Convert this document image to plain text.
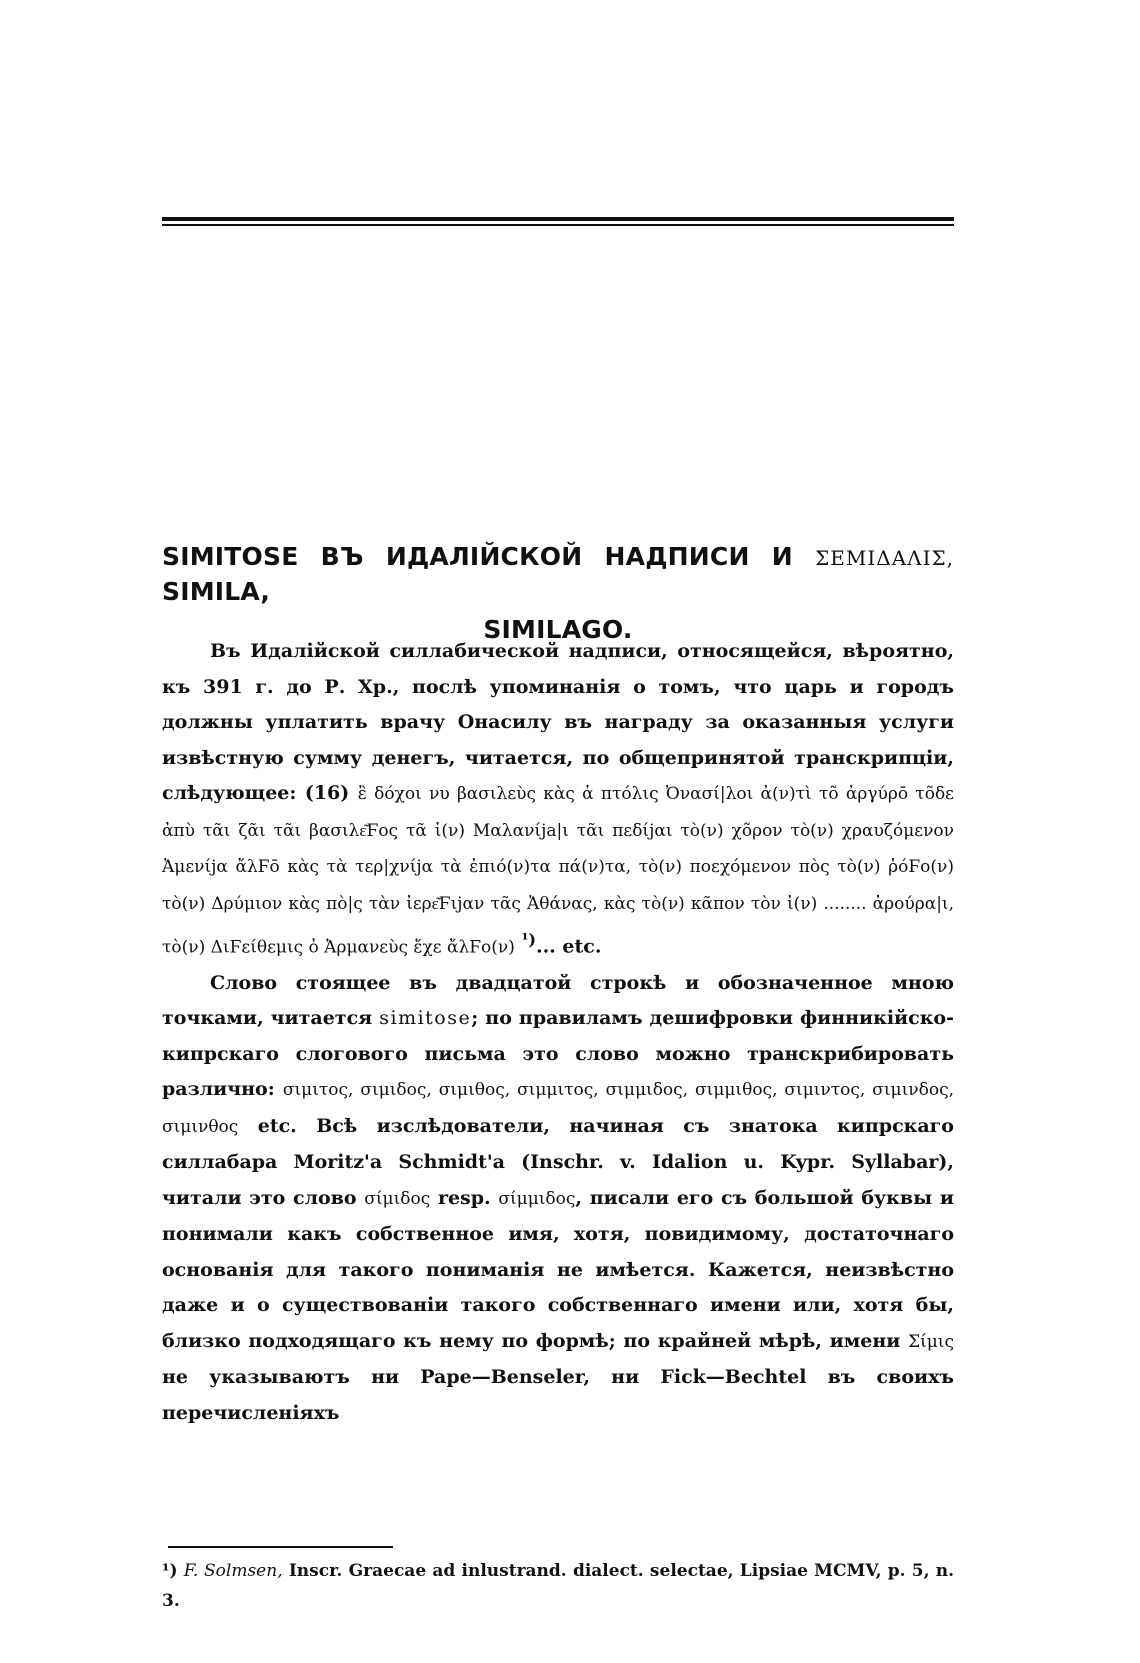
SIMITOSE ВЪ ИДАЛІЙСКОЙ НАДПИСИ И ΣΕΜΙΔΑΛΙΣ, SIMILA,
SIMILAGO.

Въ Идалійской силлабической надписи, относящейся, вѣроятно, къ 391 г. до Р. Хр., послѣ упоминанія о томъ, что царь и городъ должны уплатить врачу Онасилу въ награду за оказанныя услуги извѣстную сумму денегъ, читается, по общепринятой транскрипціи, слѣдующее: (16) ἒ δόχοι νυ βασιλεὺς κὰς ἀ πτόλις Ὀνασί|λοι ἀ(ν)τὶ τõ ἀργύρō τõδε ἀπὺ τᾶι ζᾶι τᾶι βασιλε͂Ϝος τᾶ ἰ(ν) Μαλανίja|ι τᾶι πεδίjαι τὸ(ν) χõρον τὸ(ν) χραυζόμενον Ἀμενίjα ἄλϜō κὰς τὰ τερ|χνίjα τὰ ἐπιό(ν)τα πά(ν)τα, τὸ(ν) ποεχόμενον πὸς τὸ(ν) ῥόϜο(ν) τὸ(ν) Δρύμιον κὰς πὸ|ς τὰν ἰερε͂Ϝιjαν τᾶς Ἀθάνας, κὰς τὸ(ν) κᾶπον τὸν ἰ(ν) ........ ἀρούρα|ι, τὸ(ν) ΔιϜείθεμις ὀ Ἀρμανεὺς ἔχε ἄλϜο(ν) $^{^1)}$... etc.

Слово стоящее въ двадцатой строкѣ и обозначенное мною точками, читается simitose; по правиламъ дешифровки финникійско-кипрскаго слогового письма это слово можно транскрибировать различно: σιμιτος, σιμιδος, σιμιθος, σιμμιτος, σιμμιδος, σιμμιθος, σιμιντος, σιμινδος, σιμινθος etc. Всѣ изслѣдователи, начиная съ знатока кипрскаго силлабара Moritz'a Schmidt'a (Inschr. v. Idalion u. Kypr. Syllabar), читали это слово σίμιδος resp. σίμμιδος, писали его съ большой буквы и понимали какъ собственное имя, хотя, повидимому, достаточнаго основанія для такого пониманія не имѣется. Кажется, неизвѣстно даже и о существованіи такого собственнаго имени или, хотя бы, близко подходящаго къ нему по формѣ; по крайней мѣрѣ, имени Σίμις не указываютъ ни Pape—Benseler, ни Fick—Bechtel въ своихъ перечисленіяхъ

¹) F. Solmsen, Inscr. Graecae ad inlustrand. dialect. selectae, Lipsiae MCMV, p. 5, n. 3.
